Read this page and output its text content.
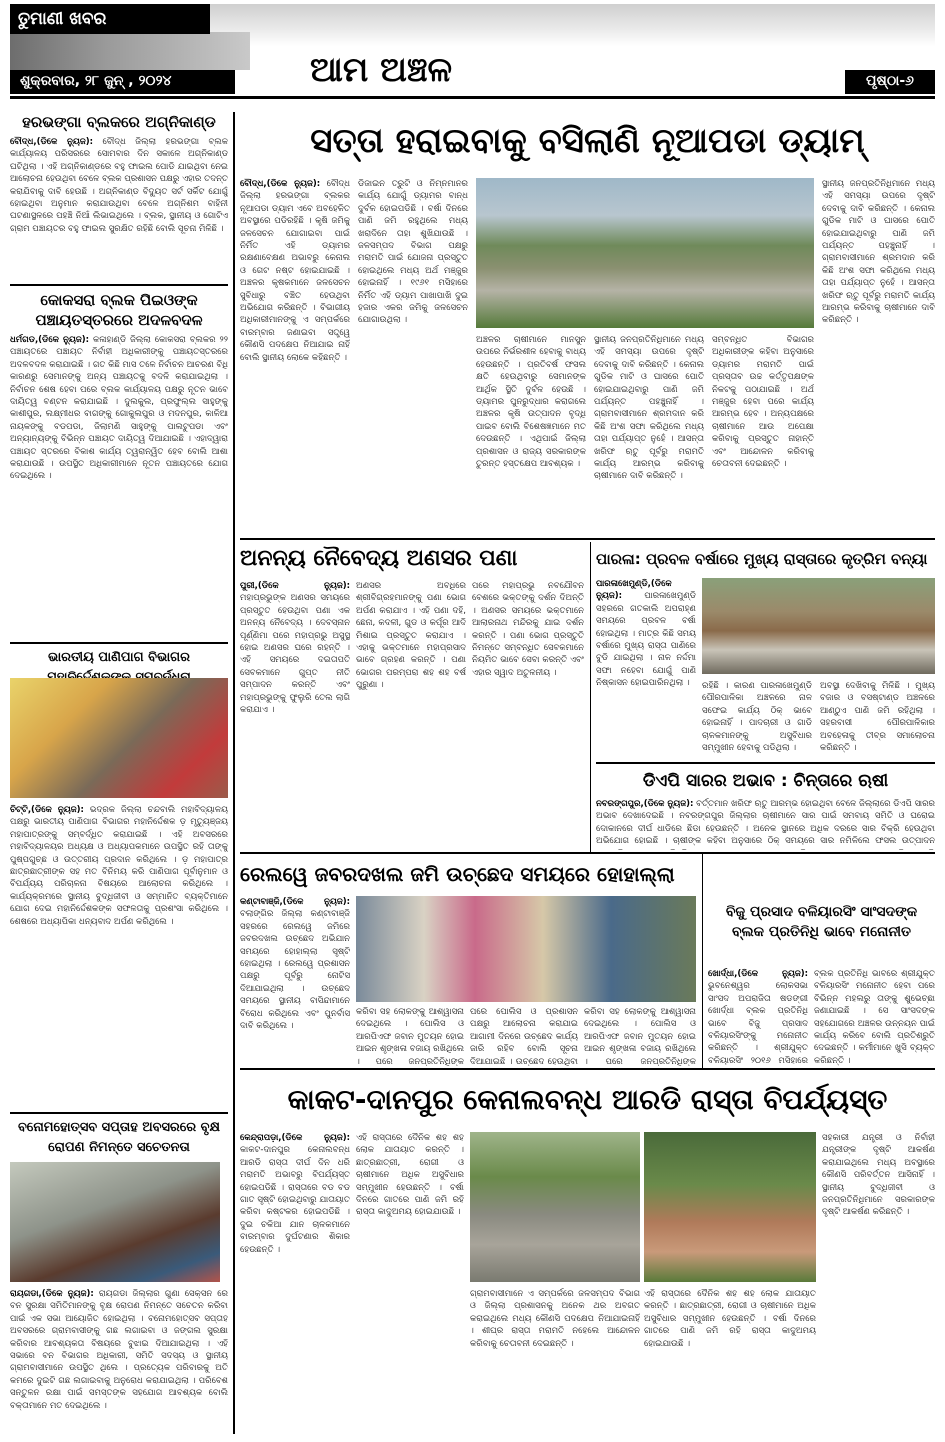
ତୁମାଣୀ ଖବର
ଶୁକ୍ରବାର, ୨୮ ଜୁନ୍ , ୨୦୨୪	ଆମ ଅଞ୍ଚଳ	ପୃଷ୍ଠା-୬
ହରଭଙ୍ଗା ବ୍ଲକରେ ଅଗ୍ନିକାଣ୍ଡ
ବୌଦ୍ଧ,(ଡିକେ ନ୍ୟୁଜ): ବୌଦ୍ଧ ଜିଲ୍ଲା ହରଭଙ୍ଗା ବ୍ଲକ କାର୍ଯ୍ୟାଳୟ ପରିସରରେ ସୋମବାର ଦିନ ସକାଳେ ଅଗ୍ନିକାଣ୍ଡ ଘଟିଥିଲା । ଏହି ଅଗ୍ନିକାଣ୍ଡରେ ବହୁ ଫାଇଲ ପୋଡି ଯାଇଥିବା ନେଇ ଆଲୋଚନା ହେଉଥିବା ବେଳେ ବ୍ଲକ ପ୍ରଶାସନ ପକ୍ଷରୁ ଏହାର ତଦନ୍ତ କରାଯିବାକୁ ଦାବି ହେଉଛି । ଅଗ୍ନିକାଣ୍ଡ ବିଦ୍ୟୁତ ସର୍ଟ ସର୍କିଟ ଯୋଗୁଁ ହୋଇଥିବା ଅନୁମାନ କରାଯାଉଥିବା ବେଳେ ଅଗ୍ନିଶମ ବାହିନୀ ଘଟଣାସ୍ଥଳରେ ପହଞ୍ଚି ନିଆଁ ଲିଭାଇଥିଲେ । ବ୍ଲକ, ସ୍ଥାନୀୟ ଓ ଗୋଟିଏ ଗ୍ରାମ ପଞ୍ଚାୟତର ବହୁ ଫାଇଲ ସୁରକ୍ଷିତ ରହିଛି ବୋଲି ସୂଚନା ମିଳିଛି ।
କୋକସରା ବ୍ଲକ ପିଇଓଙ୍କ ପଞ୍ଚାୟତସ୍ତରରେ ଅଦଳବଦଳ
ଧର୍ମଗଡ,(ଡିକେ ନ୍ୟୁଜ): କଳାହାଣ୍ଡି ଜିଲ୍ଲା କୋକସରା ବ୍ଲକର ୨୨ ପଞ୍ଚାୟତରେ ପଞ୍ଚାୟତ ନିର୍ବାହୀ ଅଧିକାରୀଙ୍କୁ ପଞ୍ଚାୟତସ୍ତରରେ ଅଦଳବଦଳ କରାଯାଇଛି । ଗତ କିଛି ମାସ ତଳେ ନିର୍ବାଚନ ଆଚରଣ ବିଧି କାରଣରୁ ସେମାନଙ୍କୁ ଅନ୍ୟ ପଞ୍ଚାୟତକୁ ବଦଳି କରାଯାଇଥିଲା । ନିର୍ବାଚନ ଶେଷ ହେବା ପରେ ବ୍ଲକ କାର୍ଯ୍ୟାଳୟ ପକ୍ଷରୁ ନୂତନ ଭାବେ ଦାୟିତ୍ୱ ବଣ୍ଟନ କରାଯାଇଛି । ଦୁଲକୁଲ, ପ୍ରଫୁଲ୍ଲ ସାହୁଙ୍କୁ କାଶୀପୁର, ଲକ୍ଷ୍ମୀଧର ବାଗଙ୍କୁ ଗୋକୁଲପୁର ଓ ମଦନପୁର, କାଳିଆ ନାୟକଙ୍କୁ ବଡପଡା, ଜିଲାମଣି ସାହୁଙ୍କୁ ପାଲଟୁପଡା ଏବଂ ଅନ୍ୟାନ୍ୟଙ୍କୁ ବିଭିନ୍ନ ପଞ୍ଚାୟତ ଦାୟିତ୍ୱ ଦିଆଯାଇଛି । ଏହାଦ୍ୱାରା ପଞ୍ଚାୟତ ସ୍ତରରେ ବିକାଶ କାର୍ଯ୍ୟ ତ୍ୱରାନ୍ୱିତ ହେବ ବୋଲି ଆଶା କରାଯାଉଛି । ଉପସ୍ଥିତ ଅଧିକାରୀମାନେ ନୂତନ ପଞ୍ଚାୟତରେ ଯୋଗ ଦେଇଥିଲେ ।
ଭାରତୀୟ ପାଣିପାଗ ବିଭାଗର
ଚିଟ୍ଟି,(ଡିକେ ନ୍ୟୁଜ): ଭଦ୍ରକ ଜିଲ୍ଲା ଚନ୍ଦବାଲି ମହାବିଦ୍ୟାଳୟ ପକ୍ଷରୁ ଭାରତୀୟ ପାଣିପାଗ ବିଭାଗର ମହାନିର୍ଦ୍ଦେଶକ ଡ଼ ମୃତ୍ୟୁଞ୍ଜୟ ମହାପାତ୍ରଙ୍କୁ ସମ୍ବର୍ଦ୍ଧିତ କରାଯାଇଛି । ଏହି ଅବସରରେ ମହାବିଦ୍ୟାଳୟର ଅଧ୍ୟକ୍ଷ ଓ ଅଧ୍ୟାପକମାନେ ଉପସ୍ଥିତ ରହି ତାଙ୍କୁ ପୁଷ୍ପଗୁଚ୍ଛ ଓ ଉତ୍ତରୀୟ ପ୍ରଦାନ କରିଥିଲେ । ଡ଼ ମହାପାତ୍ର ଛାତ୍ରଛାତ୍ରୀଙ୍କ ସହ ମତ ବିନିମୟ କରି ପାଣିପାଗ ପୂର୍ବାନୁମାନ ଓ ବିପର୍ଯ୍ୟୟ ପରିଚାଳନା ବିଷୟରେ ଆଲୋଚନା କରିଥିଲେ । କାର୍ଯ୍ୟକ୍ରମରେ ସ୍ଥାନୀୟ ବୁଦ୍ଧିଜୀବୀ ଓ ସମ୍ମାନିତ ବ୍ୟକ୍ତିମାନେ ଯୋଗ ଦେଇ ମହାନିର୍ଦ୍ଦେଶକଙ୍କ ସଫଳତାକୁ ପ୍ରଶଂସା କରିଥିଲେ । ଶେଷରେ ଅଧ୍ୟାପିକା ଧନ୍ୟବାଦ ଅର୍ପଣ କରିଥିଲେ ।
ବନୋମହୋତ୍ସବ ସପ୍ତାହ ଅବସରରେ ବୃକ୍ଷ ରୋପଣ ନିମନ୍ତେ ସଚେତନତା
ରାୟଗଡା,(ଡିକେ ନ୍ୟୁଜ): ରାୟଗଡା ଜିଲ୍ଲାର ଗୁଣା ସେକ୍ସନ ରେ ବନ ସୁରକ୍ଷା ସମିତିମାନଙ୍କୁ ବୃକ୍ଷ ରୋପଣ ନିମନ୍ତେ ସଚେତନ କରିବା ପାଇଁ ଏକ ସଭା ଆୟୋଜିତ ହୋଇଥିଲା । ବନୋମହୋତ୍ସବ ସପ୍ତାହ ଅବସରରେ ଗ୍ରାମବାସୀଙ୍କୁ ଗଛ ଲଗାଇବା ଓ ଜଙ୍ଗଲ ସୁରକ୍ଷା କରିବାର ଆବଶ୍ୟକତା ବିଷୟରେ ବୁଝାଇ ଦିଆଯାଇଥିଲା । ଏହି ସଭାରେ ବନ ବିଭାଗର ଅଧିକାରୀ, ସମିତି ସଦସ୍ୟ ଓ ସ୍ଥାନୀୟ ଗ୍ରାମବାସୀମାନେ ଉପସ୍ଥିତ ଥିଲେ । ପ୍ରତ୍ୟେକ ପରିବାରକୁ ଅତି କମରେ ଦୁଇଟି ଗଛ ଲଗାଇବାକୁ ଅନୁରୋଧ କରାଯାଇଥିଲା । ପରିବେଶ ସନ୍ତୁଳନ ରକ୍ଷା ପାଇଁ ସମସ୍ତଙ୍କ ସହଯୋଗ ଆବଶ୍ୟକ ବୋଲି ବକ୍ତାମାନେ ମତ ଦେଇଥିଲେ ।
ସତ୍ତା ହରାଇବାକୁ ବସିଲାଣି ନୂଆପଡା ଡ୍ୟାମ୍
ବୌଦ୍ଧ,(ଡିକେ ନ୍ୟୁଜ): ବୌଦ୍ଧ ଜିଲ୍ଲା ହରଭଙ୍ଗା ବ୍ଲକର ନୂଆପଡା ଡ୍ୟାମ ଏବେ ଅବହେଳିତ ଅବସ୍ଥାରେ ପଡିରହିଛି । କୃଷି ଜମିକୁ ଜଳସେଚନ ଯୋଗାଇବା ପାଇଁ ନିର୍ମିତ ଏହି ଡ୍ୟାମର ରକ୍ଷଣାବେକ୍ଷଣ ଅଭାବରୁ କେନାଲ ଓ ଗେଟ ନଷ୍ଟ ହୋଇଯାଇଛି । ଅଞ୍ଚଳର କୃଷକମାନେ ଜଳସେଚନ ସୁବିଧାରୁ ବଞ୍ଚିତ ହେଉଥିବା ଅଭିଯୋଗ କରିଛନ୍ତି । ବିଭାଗୀୟ ଅଧିକାରୀମାନଙ୍କୁ ଏ ସମ୍ପର୍କରେ ବାରମ୍ବାର ଜଣାଇବା ସତ୍ତ୍ୱେ କୌଣସି ପଦକ୍ଷେପ ନିଆଯାଇ ନାହିଁ ବୋଲି ସ୍ଥାନୀୟ ଲୋକେ କହିଛନ୍ତି ।
ଡିଜାଇନ ତ୍ରୁଟି ଓ ନିମ୍ନମାନର କାର୍ଯ୍ୟ ଯୋଗୁଁ ଡ୍ୟାମର ବାନ୍ଧ ଦୁର୍ବଳ ହୋଇପଡିଛି । ବର୍ଷା ଦିନରେ ପାଣି ଜମି ରହୁଥିଲେ ମଧ୍ୟ ଖରାଦିନେ ତାହା ଶୁଖିଯାଉଛି । ଜଳସମ୍ପଦ ବିଭାଗ ପକ୍ଷରୁ ମରାମତି ପାଇଁ ଯୋଜନା ପ୍ରସ୍ତୁତ ହୋଇଥିଲେ ମଧ୍ୟ ଅର୍ଥ ମଞ୍ଜୁର ହୋଇନାହିଁ । ୧୯୬୧ ମସିହାରେ ନିର୍ମିତ ଏହି ଡ୍ୟାମ ପାଖାପାଖି ଦୁଇ ହଜାର ଏକର ଜମିକୁ ଜଳସେଚନ ଯୋଗାଉଥିଲା ।
ଅଞ୍ଚଳର ଚାଷୀମାନେ ମାନସୁନ ଉପରେ ନିର୍ଭରଶୀଳ ହେବାକୁ ବାଧ୍ୟ ହେଉଛନ୍ତି । ପ୍ରତିବର୍ଷ ଫସଲ କ୍ଷତି ହେଉଥିବାରୁ ସେମାନଙ୍କ ଆର୍ଥିକ ସ୍ଥିତି ଦୁର୍ବଳ ହେଉଛି । ଡ୍ୟାମର ପୁନରୁଦ୍ଧାର କରାଗଲେ ଅଞ୍ଚଳର କୃଷି ଉତ୍ପାଦନ ବୃଦ୍ଧି ପାଇବ ବୋଲି ବିଶେଷଜ୍ଞମାନେ ମତ ଦେଉଛନ୍ତି । ଏଥିପାଇଁ ଜିଲ୍ଲା ପ୍ରଶାସନ ଓ ରାଜ୍ୟ ସରକାରଙ୍କ ତୁରନ୍ତ ହସ୍ତକ୍ଷେପ ଆବଶ୍ୟକ ।
ସ୍ଥାନୀୟ ଜନପ୍ରତିନିଧିମାନେ ମଧ୍ୟ ଏହି ସମସ୍ୟା ଉପରେ ଦୃଷ୍ଟି ଦେବାକୁ ଦାବି କରିଛନ୍ତି । କେନାଲ ଗୁଡିକ ମାଟି ଓ ଘାସରେ ପୋତି ହୋଇଯାଇଥିବାରୁ ପାଣି ଜମି ପର୍ଯ୍ୟନ୍ତ ପହଞ୍ଚୁନାହିଁ । ଗ୍ରାମବାସୀମାନେ ଶ୍ରମଦାନ କରି କିଛି ଅଂଶ ସଫା କରିଥିଲେ ମଧ୍ୟ ତାହା ପର୍ଯ୍ୟାପ୍ତ ନୁହେଁ । ଆସନ୍ତା ଖରିଫ ଋତୁ ପୂର୍ବରୁ ମରାମତି କାର୍ଯ୍ୟ ଆରମ୍ଭ କରିବାକୁ ଚାଷୀମାନେ ଦାବି କରିଛନ୍ତି ।
ସମ୍ବନ୍ଧିତ ବିଭାଗର ଅଧିକାରୀଙ୍କ କହିବା ଅନୁସାରେ ଡ୍ୟାମର ମରାମତି ପାଇଁ ପ୍ରସ୍ତାବ ଉଚ୍ଚ କର୍ତ୍ତୃପକ୍ଷଙ୍କ ନିକଟକୁ ପଠାଯାଇଛି । ଅର୍ଥ ମଞ୍ଜୁର ହେବା ପରେ କାର୍ଯ୍ୟ ଆରମ୍ଭ ହେବ । ଅନ୍ୟପକ୍ଷରେ ଚାଷୀମାନେ ଆଉ ଅପେକ୍ଷା କରିବାକୁ ପ୍ରସ୍ତୁତ ନାହାନ୍ତି ଏବଂ ଆନ୍ଦୋଳନ କରିବାକୁ ଚେତାବନୀ ଦେଇଛନ୍ତି ।
ସ୍ଥାନୀୟ ଜନପ୍ରତିନିଧିମାନେ ମଧ୍ୟ ଏହି ସମସ୍ୟା ଉପରେ ଦୃଷ୍ଟି ଦେବାକୁ ଦାବି କରିଛନ୍ତି । କେନାଲ ଗୁଡିକ ମାଟି ଓ ଘାସରେ ପୋତି ହୋଇଯାଇଥିବାରୁ ପାଣି ଜମି ପର୍ଯ୍ୟନ୍ତ ପହଞ୍ଚୁନାହିଁ । ଗ୍ରାମବାସୀମାନେ ଶ୍ରମଦାନ କରି କିଛି ଅଂଶ ସଫା କରିଥିଲେ ମଧ୍ୟ ତାହା ପର୍ଯ୍ୟାପ୍ତ ନୁହେଁ । ଆସନ୍ତା ଖରିଫ ଋତୁ ପୂର୍ବରୁ ମରାମତି କାର୍ଯ୍ୟ ଆରମ୍ଭ କରିବାକୁ ଚାଷୀମାନେ ଦାବି କରିଛନ୍ତି ।
ଅନନ୍ୟ ନୈବେଦ୍ୟ ଅଣସର ପଣା
ପୁରୀ,(ଡିକେ ନ୍ୟୁଜ): ମହାପ୍ରଭୁଙ୍କ ଅଣସର ସମୟରେ ପ୍ରସ୍ତୁତ ହେଉଥିବା ପଣା ଏକ ଅନନ୍ୟ ନୈବେଦ୍ୟ । ଦେବସ୍ନାନ ପୂର୍ଣ୍ଣିମା ପରେ ମହାପ୍ରଭୁ ଅସୁସ୍ଥ ହୋଇ ଅଣସର ଘରେ ରହନ୍ତି । ଏହି ସମୟରେ ଦଇତାପତି ସେବକମାନେ ଗୁପ୍ତ ନୀତି ସମ୍ପାଦନ କରନ୍ତି ଏବଂ ମହାପ୍ରଭୁଙ୍କୁ ଫୁଲୁରି ତେଲ ଲାଗି କରାଯାଏ ।
ଅଣସର ଅବଧିରେ ଶ୍ରୀବିଗ୍ରହମାନଙ୍କୁ ପଣା ଭୋଗ ଅର୍ପଣ କରାଯାଏ । ଏହି ପଣା ଦହି, ଛେନା, କଦଳୀ, ଗୁଡ ଓ କର୍ପୂର ଆଦି ମିଶାଇ ପ୍ରସ୍ତୁତ କରାଯାଏ । ଏହାକୁ ଭକ୍ତମାନେ ମହାପ୍ରସାଦ ଭାବେ ଗ୍ରହଣ କରନ୍ତି । ପଣା ଭୋଗର ପରମ୍ପରା ଶହ ଶହ ବର୍ଷ ପୁରୁଣା ।
ପରେ ମହାପ୍ରଭୁ ନବଯୌବନ ବେଶରେ ଭକ୍ତଙ୍କୁ ଦର୍ଶନ ଦିଅନ୍ତି । ଅଣସର ସମୟରେ ଭକ୍ତମାନେ ଆଲାରନାଥ ମନ୍ଦିରକୁ ଯାଇ ଦର୍ଶନ କରନ୍ତି । ପଣା ଭୋଗ ପ୍ରସ୍ତୁତି ନିମନ୍ତେ ସମ୍ବନ୍ଧିତ ସେବକମାନେ ନିୟମିତ ଭାବେ ସେବା କରନ୍ତି ଏବଂ ଏହାର ସ୍ୱାଦ ଅତୁଳନୀୟ ।
ପାରଳା: ପ୍ରବଳ ବର୍ଷାରେ ମୁଖ୍ୟ ରାସ୍ତାରେ କୃତ୍ରିମ ବନ୍ୟା
ପାରଳାଖେମୁଣ୍ଡି,(ଡିକେ ନ୍ୟୁଜ):	ପାରଳାଖେମୁଣ୍ଡି ସହରରେ ଗତକାଲି ଅପରାହ୍ଣ ସମୟରେ ପ୍ରବଳ ବର୍ଷା ହୋଇଥିଲା । ମାତ୍ର କିଛି ସମୟ ବର୍ଷାରେ ମୁଖ୍ୟ ରାସ୍ତା ପାଣିରେ ବୁଡି ଯାଇଥିଲା । ନାଳ ନର୍ଦ୍ଦମା ସଫା ନହେବା ଯୋଗୁଁ ପାଣି ନିଷ୍କାସନ ହୋଇପାରିନଥିଲା ।	ରହିଛି । କାରଣ ପାରଳାଖେମୁଣ୍ଡି ପୌରପାଳିକା ଅଞ୍ଚଳରେ ନାଳ ସଫେଇ କାର୍ଯ୍ୟ ଠିକ୍ ଭାବେ ହୋଇନାହିଁ । ପାଦଚାରୀ ଓ ଗାଡି ଚାଳକମାନଙ୍କୁ ଅସୁବିଧାର ସମ୍ମୁଖୀନ ହେବାକୁ ପଡିଥିଲା ।
ଅବସ୍ଥା ଦେଖିବାକୁ ମିଳିଛି । ମୁଖ୍ୟ ବଜାର ଓ ବସଷ୍ଟାଣ୍ଡ ଅଞ୍ଚଳରେ ଆଣ୍ଠୁଏ ପାଣି ଜମି ରହିଥିଲା । ସହରବାସୀ ପୌରପାଳିକାର ଅବହେଳାକୁ ତୀବ୍ର ସମାଲୋଚନା କରିଛନ୍ତି ।
ଡିଏପି ସାରର ଅଭାବ : ଚିନ୍ତାରେ ଋଷୀ
ନବରଙ୍ଗପୁର,(ଡିକେ ନ୍ୟୁଜ): ବର୍ତ୍ତମାନ ଖରିଫ ଋତୁ ଆରମ୍ଭ ହୋଇଥିବା ବେଳେ ଜିଲ୍ଲାରେ ଡିଏପି ସାରର ଅଭାବ ଦେଖାଦେଇଛି । ନବରଙ୍ଗପୁର ଜିଲ୍ଲାର ଚାଷୀମାନେ ସାର ପାଇଁ ସମବାୟ ସମିତି ଓ ଘରୋଇ ଦୋକାନରେ ଦୀର୍ଘ ଧାଡିରେ ଛିଡା ହେଉଛନ୍ତି । ଅନେକ ସ୍ଥାନରେ ଅଧିକ ଦରରେ ସାର ବିକ୍ରି ହେଉଥିବା ଅଭିଯୋଗ ହୋଇଛି । ଚାଷୀଙ୍କ କହିବା ଅନୁସାରେ ଠିକ୍ ସମୟରେ ସାର ନମିଳିଲେ ଫସଲ ଉତ୍ପାଦନ
ରେଲୱେ ଜବରଦଖଲ ଜମି ଉଚ୍ଛେଦ ସମୟରେ ହୋହାଲ୍ଲା
କଣ୍ଟାବାଞ୍ଜି,(ଡିକେ ନ୍ୟୁଜ): ବଲାଙ୍ଗିର ଜିଲ୍ଲା କଣ୍ଟାବାଞ୍ଜି ସହରରେ ରେଲୱେ ଜମିରେ ଜବରଦଖଲ ଉଚ୍ଛେଦ ଅଭିଯାନ ସମୟରେ ହୋହାଲ୍ଲା ସୃଷ୍ଟି ହୋଇଥିଲା । ରେଲୱେ ପ୍ରଶାସନ ପକ୍ଷରୁ ପୂର୍ବରୁ ନୋଟିସ ଦିଆଯାଇଥିଲା । ଉଚ୍ଛେଦ ସମୟରେ ସ୍ଥାନୀୟ ବାସିନ୍ଦାମାନେ ବିରୋଧ କରିଥିଲେ ଏବଂ ପୁନର୍ବାସ ଦାବି କରିଥିଲେ ।
କରିବା ସହ ଲୋକଙ୍କୁ ଆଶ୍ୱାସନା ଦେଇଥିଲେ । ପୋଲିସ ଓ ଆରପିଏଫ ଜବାନ ମୁତୟନ ହୋଇ ଆଇନ ଶୃଙ୍ଖଳା ବଜାୟ ରଖିଥିଲେ । ପରେ ଜନପ୍ରତିନିଧିଙ୍କ
ପରେ ପୋଲିସ ଓ ପ୍ରଶାସନ ପକ୍ଷରୁ ଆଲୋଚନା କରାଯାଇ ଆଗାମୀ ଦିନରେ ଉଚ୍ଛେଦ କାର୍ଯ୍ୟ ଜାରି ରହିବ ବୋଲି ସୂଚନା ଦିଆଯାଇଛି । ଉଚ୍ଛେଦ ହେଉଥିବା
କରିବା ସହ ଲୋକଙ୍କୁ ଆଶ୍ୱାସନା ଦେଇଥିଲେ । ପୋଲିସ ଓ ଆରପିଏଫ ଜବାନ ମୁତୟନ ହୋଇ ଆଇନ ଶୃଙ୍ଖଳା ବଜାୟ ରଖିଥିଲେ । ପରେ ଜନପ୍ରତିନିଧିଙ୍କ
ବିଜୁ ପ୍ରସାଦ ବଳିୟାରସିଂ ସାଂସଦଙ୍କ ବ୍ଲକ ପ୍ରତିନିଧି ଭାବେ ମନୋନୀତ
ଖୋର୍ଦ୍ଧା,(ଡିକେ ନ୍ୟୁଜ): ଭୁବନେଶ୍ୱର ଲୋକସଭା ସାଂସଦ ଅପରାଜିତା ଷଡଙ୍ଗୀ ଖୋର୍ଦ୍ଧା ବ୍ଲକ ପ୍ରତିନିଧି ଭାବେ ବିଜୁ ପ୍ରସାଦ ବଳିୟାରସିଂଙ୍କୁ ମନୋନୀତ କରିଛନ୍ତି । ଶ୍ରୀଯୁକ୍ତ ବଳିୟାରସିଂ ୨୦୧୬ ମସିହାରେ
ବ୍ଲକ ପ୍ରତିନିଧି ଭାବରେ ଶ୍ରୀଯୁକ୍ତ ବଳିୟାରସିଂ ମନୋନୀତ ହେବା ପରେ ବିଭିନ୍ନ ମହଲରୁ ତାଙ୍କୁ ଶୁଭେଚ୍ଛା ଜଣାଯାଇଛି । ସେ ସାଂସଦଙ୍କ ସହଯୋଗରେ ଅଞ୍ଚଳର ଉନ୍ନୟନ ପାଇଁ କାର୍ଯ୍ୟ କରିବେ ବୋଲି ପ୍ରତିଶ୍ରୁତି ଦେଇଛନ୍ତି । କର୍ମୀମାନେ ଖୁସି ବ୍ୟକ୍ତ କରିଛନ୍ତି ।
କାକଟ-ଦାନପୁର କେନାଲବନ୍ଧ ଆରଡି ରାସ୍ତା ବିପର୍ଯ୍ୟସ୍ତ
କେନ୍ଦ୍ରାପଡ଼ା,(ଡିକେ ନ୍ୟୁଜ): କାକଟ-ଦାନପୁର କେନାଲବନ୍ଧ ଆରଡି ରାସ୍ତା ଦୀର୍ଘ ଦିନ ଧରି ମରାମତି ଅଭାବରୁ ବିପର୍ଯ୍ୟସ୍ତ ହୋଇପଡିଛି । ରାସ୍ତାରେ ବଡ ବଡ ଗାତ ସୃଷ୍ଟି ହୋଇଥିବାରୁ ଯାତାୟାତ କରିବା କଷ୍ଟକର ହୋଇପଡିଛି । ଦୁଇ ଚକିଆ ଯାନ ଚାଳକମାନେ ବାରମ୍ବାର ଦୁର୍ଘଟଣାର ଶିକାର ହେଉଛନ୍ତି ।
ଏହି ରାସ୍ତାରେ ଦୈନିକ ଶହ ଶହ ଲୋକ ଯାତାୟାତ କରନ୍ତି । ଛାତ୍ରଛାତ୍ରୀ, ରୋଗୀ ଓ ଚାଷୀମାନେ ଅଧିକ ଅସୁବିଧାର ସମ୍ମୁଖୀନ ହେଉଛନ୍ତି । ବର୍ଷା ଦିନରେ ଗାତରେ ପାଣି ଜମି ରହି ରାସ୍ତା କାଦୁଅମୟ ହୋଇଯାଉଛି ।
ଗ୍ରାମବାସୀମାନେ ଏ ସମ୍ପର୍କରେ ଜଳସମ୍ପଦ ବିଭାଗ ଓ ଜିଲ୍ଲା ପ୍ରଶାସନକୁ ଅନେକ ଥର ଅବଗତ କରାଇଥିଲେ ମଧ୍ୟ କୌଣସି ପଦକ୍ଷେପ ନିଆଯାଇନାହିଁ । ଶୀଘ୍ର ରାସ୍ତା ମରାମତି ନହେଲେ ଆନ୍ଦୋଳନ କରିବାକୁ ଚେତାବନୀ ଦେଇଛନ୍ତି ।
ଏହି ରାସ୍ତାରେ ଦୈନିକ ଶହ ଶହ ଲୋକ ଯାତାୟାତ କରନ୍ତି । ଛାତ୍ରଛାତ୍ରୀ, ରୋଗୀ ଓ ଚାଷୀମାନେ ଅଧିକ ଅସୁବିଧାର ସମ୍ମୁଖୀନ ହେଉଛନ୍ତି । ବର୍ଷା ଦିନରେ ଗାତରେ ପାଣି ଜମି ରହି ରାସ୍ତା କାଦୁଅମୟ ହୋଇଯାଉଛି ।
ସହକାରୀ ଯନ୍ତ୍ରୀ ଓ ନିର୍ବାହୀ ଯନ୍ତ୍ରୀଙ୍କ ଦୃଷ୍ଟି ଆକର୍ଷଣ କରାଯାଇଥିଲେ ମଧ୍ୟ ଅବସ୍ଥାରେ କୌଣସି ପରିବର୍ତ୍ତନ ଆସିନାହିଁ । ସ୍ଥାନୀୟ ବୁଦ୍ଧିଜୀବୀ ଓ ଜନପ୍ରତିନିଧିମାନେ ସରକାରଙ୍କ ଦୃଷ୍ଟି ଆକର୍ଷଣ କରିଛନ୍ତି ।
